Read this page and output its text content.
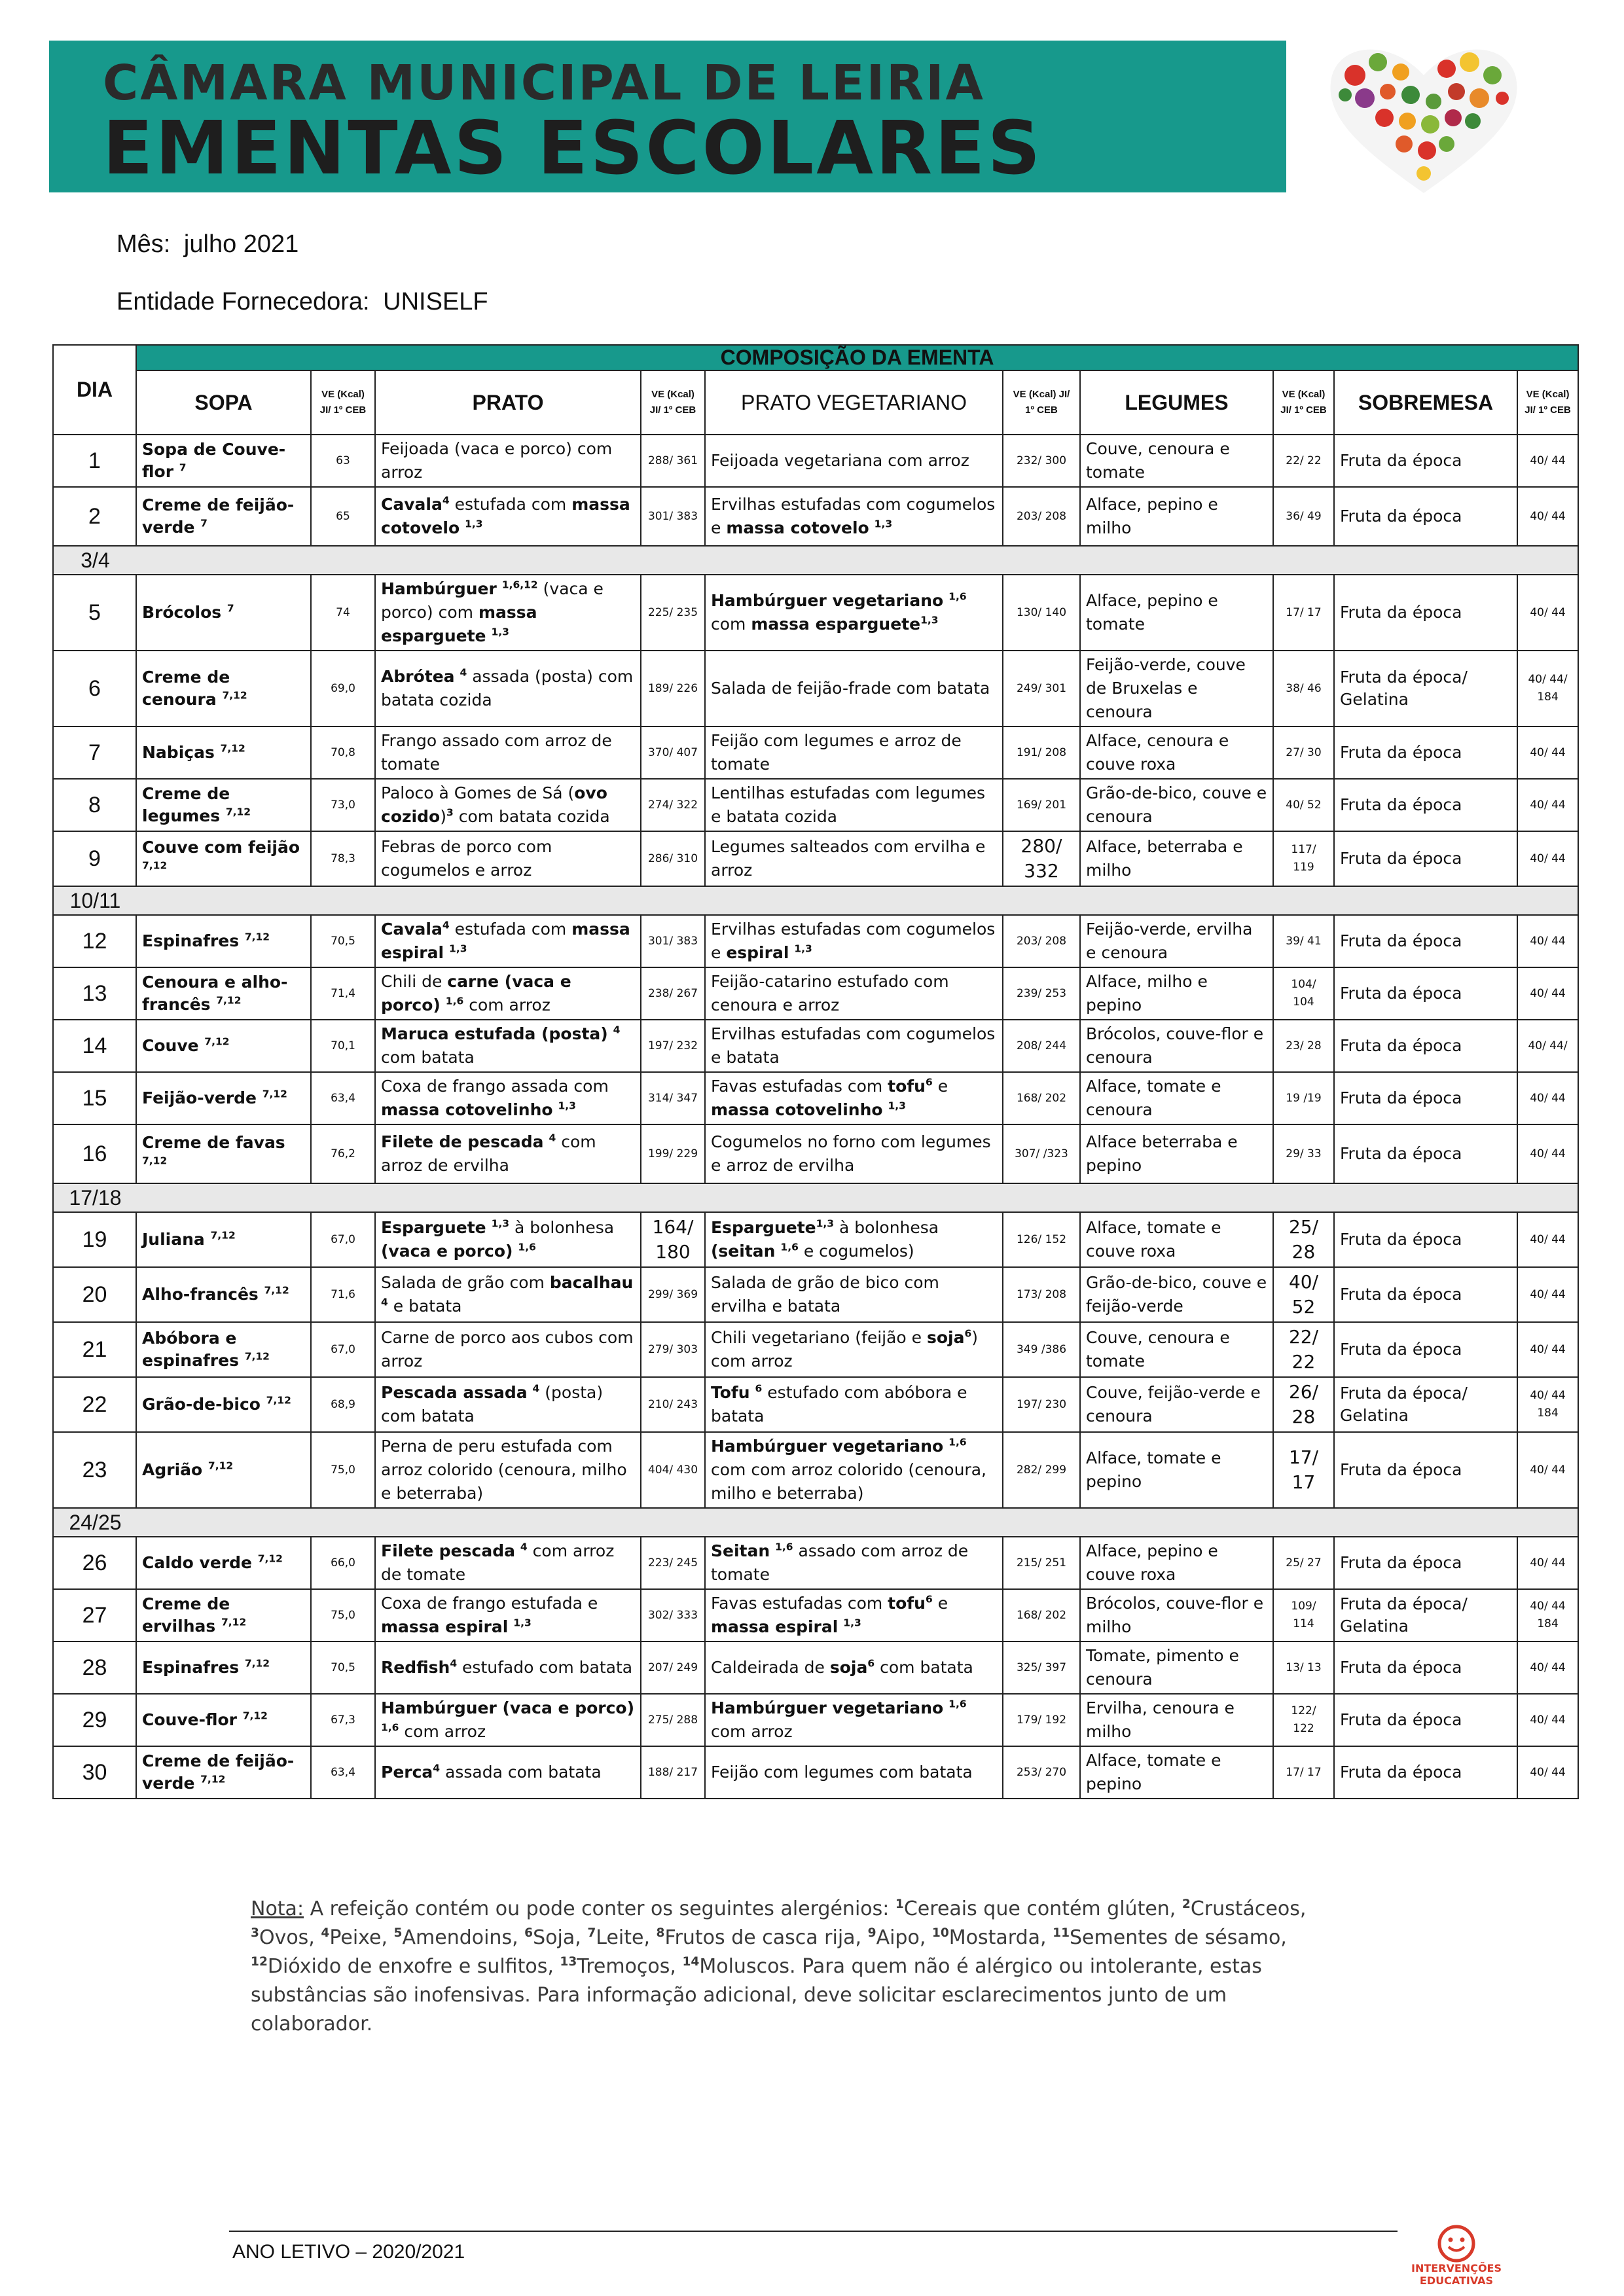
CÂMARA MUNICIPAL DE LEIRIA
EMENTAS ESCOLARES
Mês: julho 2021
Entidade Fornecedora: UNISELF
DIA	COMPOSIÇÃO DA EMENTA									
	SOPA	VE (Kcal) JI/ 1º CEB	PRATO	VE (Kcal) JI/ 1º CEB	PRATO VEGETARIANO	VE (Kcal) JI/ 1º CEB	LEGUMES	VE (Kcal) JI/ 1º CEB	SOBREMESA	VE (Kcal) JI/ 1º CEB
1	Sopa de Couve-flor $^7$	63	Feijoada (vaca e porco) com arroz	288/ 361	Feijoada vegetariana com arroz	232/ 300	Couve, cenoura e tomate	22/ 22	Fruta da época	40/ 44
2	Creme de feijão-verde $^7$	65	Cavala$^4$ estufada com massa cotovelo $^{1,3}$	301/ 383	Ervilhas estufadas com cogumelos e massa cotovelo $^{1,3}$	203/ 208	Alface, pepino e milho	36/ 49	Fruta da época	40/ 44
3/4										
5	Brócolos $^7$	74	Hambúrguer $^{1,6,12}$ (vaca e porco) com massa esparguete $^{1,3}$	225/ 235	Hambúrguer vegetariano $^{1,6}$ com massa esparguete$^{1,3}$	130/ 140	Alface, pepino e tomate	17/ 17	Fruta da época	40/ 44
6	Creme de cenoura $^{7,12}$	69,0	Abrótea $^4$ assada (posta) com batata cozida	189/ 226	Salada de feijão-frade com batata	249/ 301	Feijão-verde, couve de Bruxelas e cenoura	38/ 46	Fruta da época/ Gelatina	40/ 44/ 184
7	Nabiças $^{7,12}$	70,8	Frango assado com arroz de tomate	370/ 407	Feijão com legumes e arroz de tomate	191/ 208	Alface, cenoura e couve roxa	27/ 30	Fruta da época	40/ 44
8	Creme de legumes $^{7,12}$	73,0	Paloco à Gomes de Sá (ovo cozido)$^3$ com batata cozida	274/ 322	Lentilhas estufadas com legumes e batata cozida	169/ 201	Grão-de-bico, couve e cenoura	40/ 52	Fruta da época	40/ 44
9	Couve com feijão $^{7,12}$	78,3	Febras de porco com cogumelos e arroz	286/ 310	Legumes salteados com ervilha e arroz	280/ 332	Alface, beterraba e milho	117/ 119	Fruta da época	40/ 44
10/11										
12	Espinafres $^{7,12}$	70,5	Cavala$^4$ estufada com massa espiral $^{1,3}$	301/ 383	Ervilhas estufadas com cogumelos e espiral $^{1,3}$	203/ 208	Feijão-verde, ervilha e cenoura	39/ 41	Fruta da época	40/ 44
13	Cenoura e alho-francês $^{7,12}$	71,4	Chili de carne (vaca e porco) $^{1,6}$ com arroz	238/ 267	Feijão-catarino estufado com cenoura e arroz	239/ 253	Alface, milho e pepino	104/ 104	Fruta da época	40/ 44
14	Couve $^{7,12}$	70,1	Maruca estufada (posta) $^4$ com batata	197/ 232	Ervilhas estufadas com cogumelos e batata	208/ 244	Brócolos, couve-flor e cenoura	23/ 28	Fruta da época	40/ 44/
15	Feijão-verde $^{7,12}$	63,4	Coxa de frango assada com massa cotovelinho $^{1,3}$	314/ 347	Favas estufadas com tofu$^6$ e massa cotovelinho $^{1,3}$	168/ 202	Alface, tomate e cenoura	19 /19	Fruta da época	40/ 44
16	Creme de favas $^{7,12}$	76,2	Filete de pescada $^4$ com arroz de ervilha	199/ 229	Cogumelos no forno com legumes e arroz de ervilha	307/ /323	Alface beterraba e pepino	29/ 33	Fruta da época	40/ 44
17/18										
19	Juliana $^{7,12}$	67,0	Esparguete $^{1,3}$ à bolonhesa (vaca e porco) $^{1,6}$	164/ 180	Esparguete$^{1,3}$ à bolonhesa (seitan $^{1,6}$ e cogumelos)	126/ 152	Alface, tomate e couve roxa	25/ 28	Fruta da época	40/ 44
20	Alho-francês $^{7,12}$	71,6	Salada de grão com bacalhau $^4$ e batata	299/ 369	Salada de grão de bico com ervilha e batata	173/ 208	Grão-de-bico, couve e feijão-verde	40/ 52	Fruta da época	40/ 44
21	Abóbora e espinafres $^{7,12}$	67,0	Carne de porco aos cubos com arroz	279/ 303	Chili vegetariano (feijão e soja$^6$) com arroz	349 /386	Couve, cenoura e tomate	22/ 22	Fruta da época	40/ 44
22	Grão-de-bico $^{7,12}$	68,9	Pescada assada $^4$ (posta) com batata	210/ 243	Tofu $^6$ estufado com abóbora e batata	197/ 230	Couve, feijão-verde e cenoura	26/ 28	Fruta da época/ Gelatina	40/ 44 184
23	Agrião $^{7,12}$	75,0	Perna de peru estufada com arroz colorido (cenoura, milho e beterraba)	404/ 430	Hambúrguer vegetariano $^{1,6}$ com com arroz colorido (cenoura, milho e beterraba)	282/ 299	Alface, tomate e pepino	17/ 17	Fruta da época	40/ 44
24/25										
26	Caldo verde $^{7,12}$	66,0	Filete pescada $^4$ com arroz de tomate	223/ 245	Seitan $^{1,6}$ assado com arroz de tomate	215/ 251	Alface, pepino e couve roxa	25/ 27	Fruta da época	40/ 44
27	Creme de ervilhas $^{7,12}$	75,0	Coxa de frango estufada e massa espiral $^{1,3}$	302/ 333	Favas estufadas com tofu$^6$ e massa espiral $^{1,3}$	168/ 202	Brócolos, couve-flor e milho	109/ 114	Fruta da época/ Gelatina	40/ 44 184
28	Espinafres $^{7,12}$	70,5	Redfish$^4$ estufado com batata	207/ 249	Caldeirada de soja$^6$ com batata	325/ 397	Tomate, pimento e cenoura	13/ 13	Fruta da época	40/ 44
29	Couve-flor $^{7,12}$	67,3	Hambúrguer (vaca e porco) $^{1,6}$ com arroz	275/ 288	Hambúrguer vegetariano $^{1,6}$ com arroz	179/ 192	Ervilha, cenoura e milho	122/ 122	Fruta da época	40/ 44
30	Creme de feijão-verde $^{7,12}$	63,4	Perca$^4$ assada com batata	188/ 217	Feijão com legumes com batata	253/ 270	Alface, tomate e pepino	17/ 17	Fruta da época	40/ 44
Nota: A refeição contém ou pode conter os seguintes alergénios: $^1$Cereais que contém glúten, $^2$Crustáceos, $^3$Ovos, $^4$Peixe, $^5$Amendoins, $^6$Soja, $^7$Leite, $^8$Frutos de casca rija, $^9$Aipo, $^{10}$Mostarda, $^{11}$Sementes de sésamo, $^{12}$Dióxido de enxofre e sulfitos, $^{13}$Tremoços, $^{14}$Moluscos. Para quem não é alérgico ou intolerante, estas substâncias são inofensivas. Para informação adicional, deve solicitar esclarecimentos junto de um colaborador.
ANO LETIVO – 2020/2021
INTERVENÇÕES EDUCATIVAS
